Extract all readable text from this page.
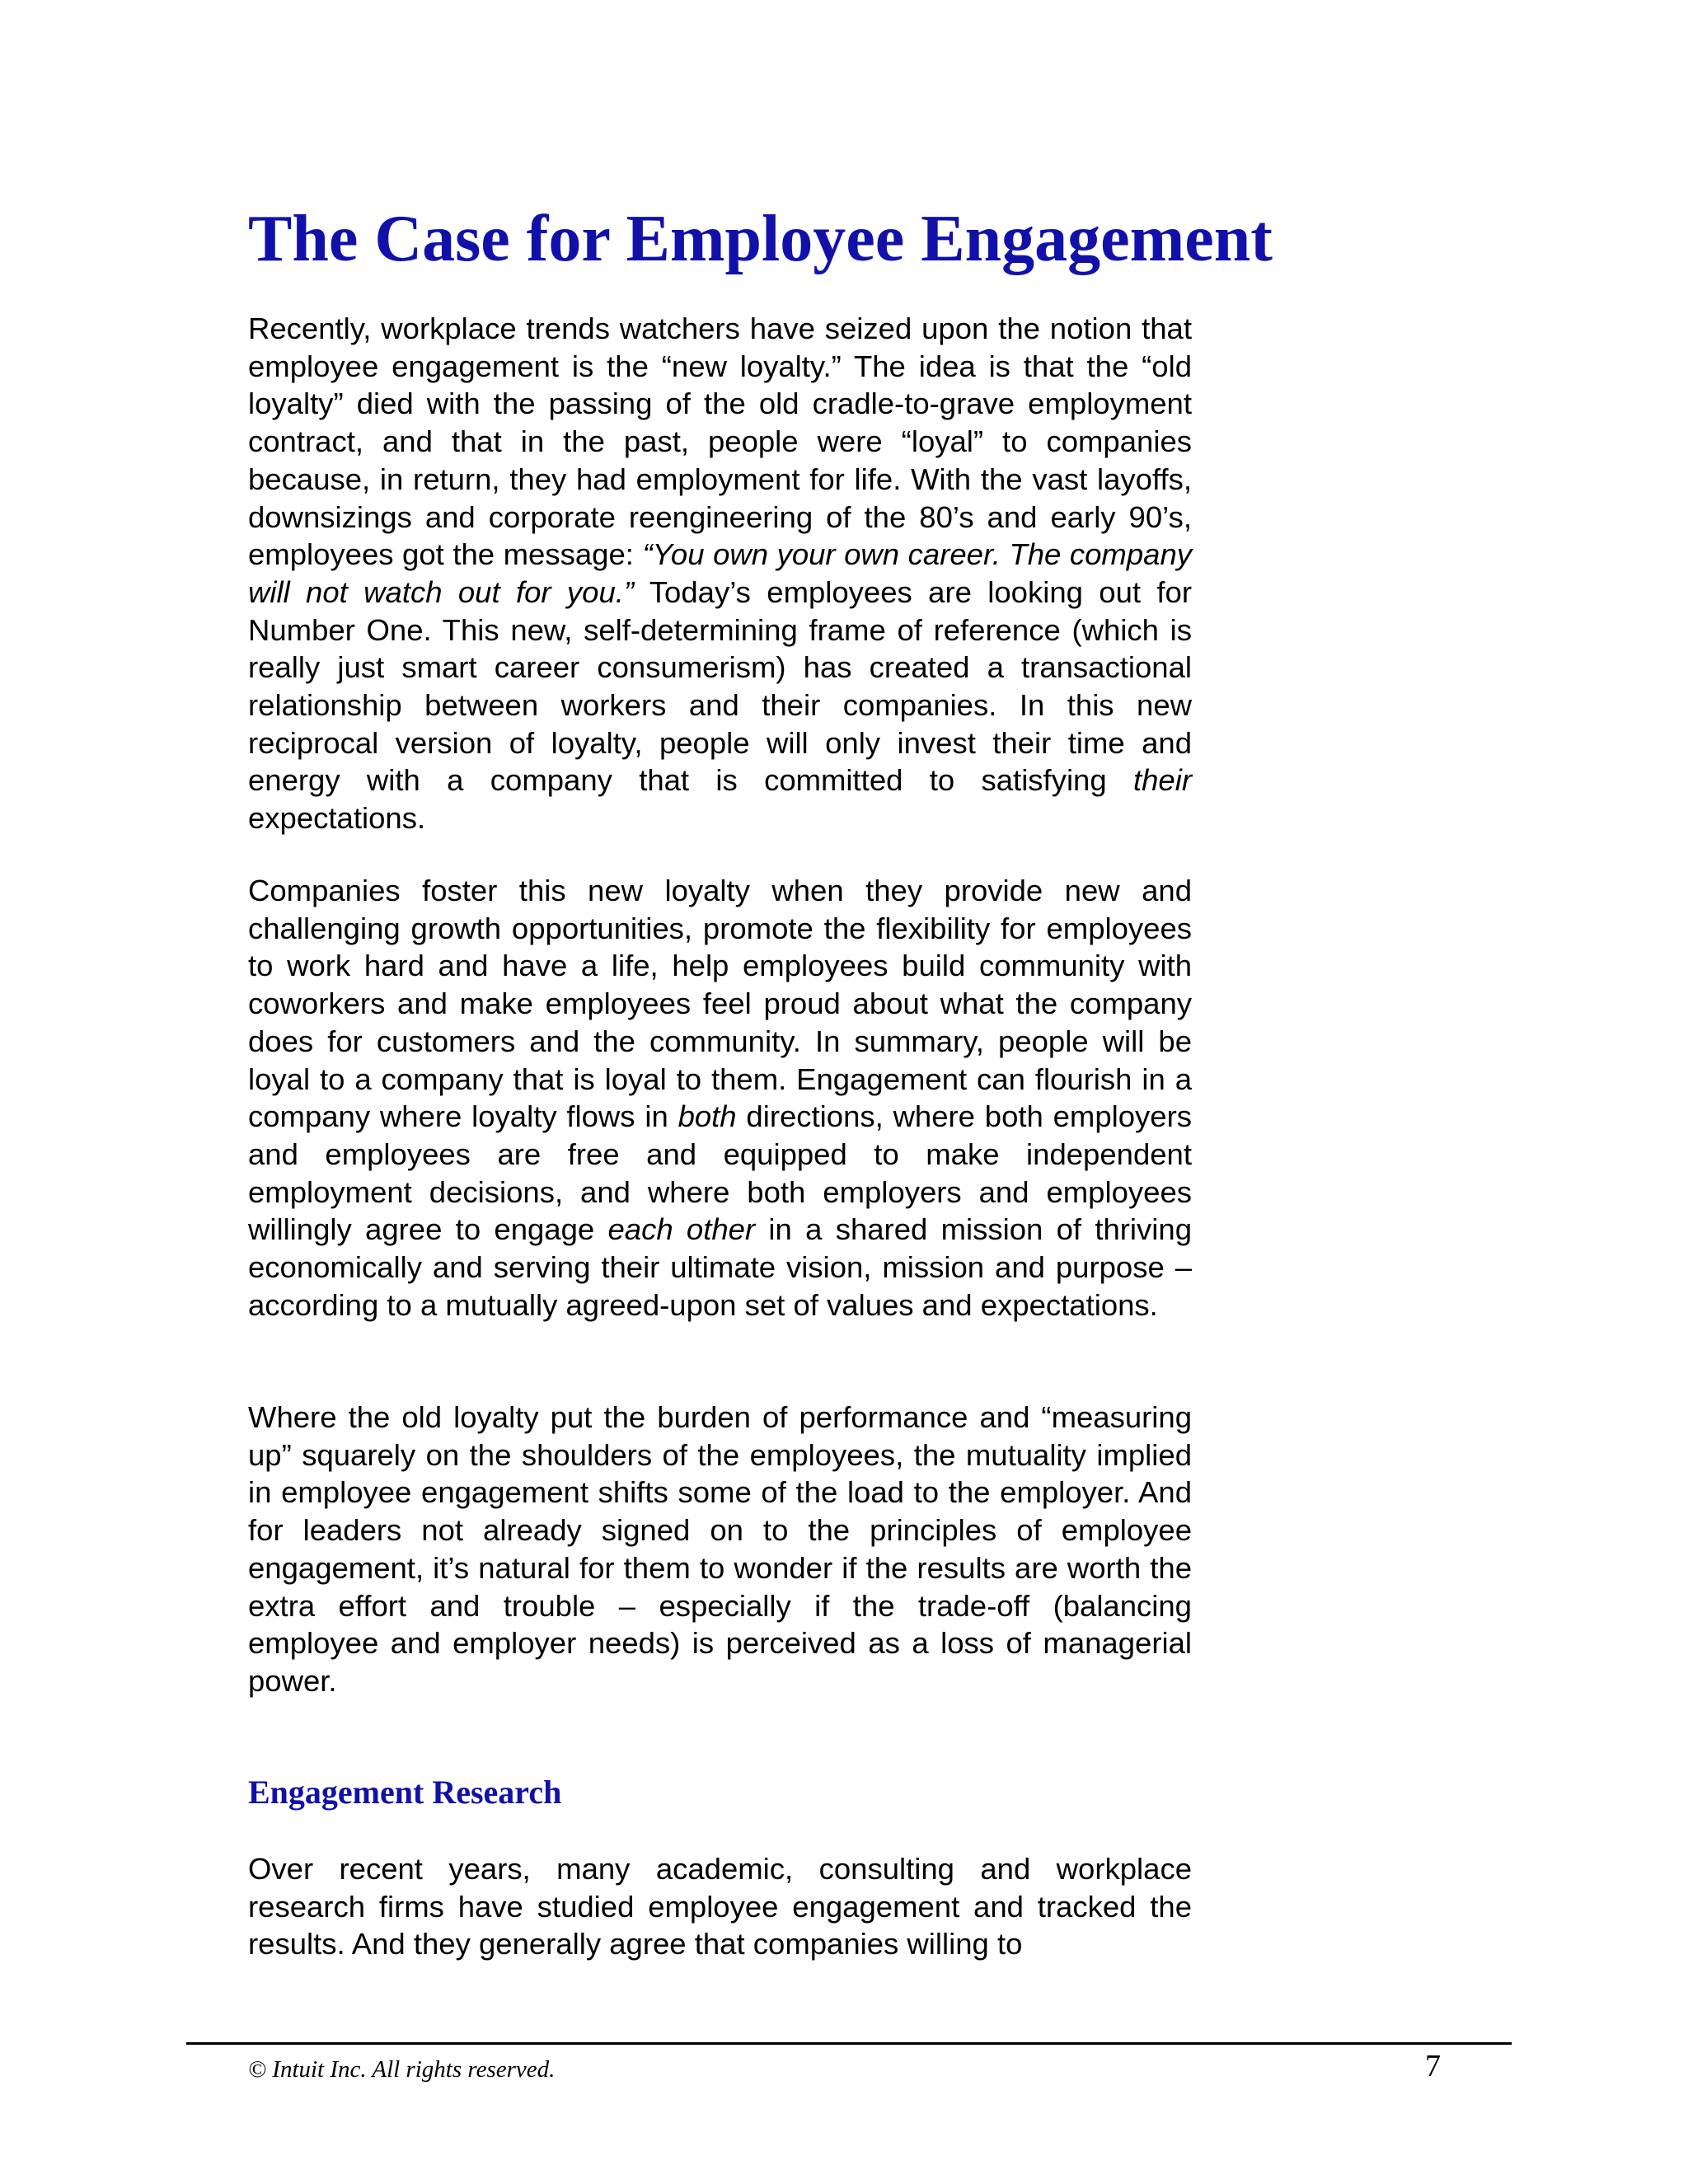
The Case for Employee Engagement

Recently, workplace trends watchers have seized upon the notion that employee engagement is the “new loyalty.” The idea is that the “old loyalty” died with the passing of the old cradle-to-grave employment contract, and that in the past, people were “loyal” to companies because, in return, they had employment for life. With the vast layoffs, downsizings and corporate reengineering of the 80’s and early 90’s, employees got the message: “You own your own career. The company will not watch out for you.” Today’s employees are looking out for Number One. This new, self-determining frame of reference (which is really just smart career consumerism) has created a transactional relationship between workers and their companies. In this new reciprocal version of loyalty, people will only invest their time and energy with a company that is committed to satisfying their expectations.

Companies foster this new loyalty when they provide new and challenging growth opportunities, promote the flexibility for employees to work hard and have a life, help employees build community with coworkers and make employees feel proud about what the company does for customers and the community. In summary, people will be loyal to a company that is loyal to them. Engagement can flourish in a company where loyalty flows in both directions, where both employers and employees are free and equipped to make independent employment decisions, and where both employers and employees willingly agree to engage each other in a shared mission of thriving economically and serving their ultimate vision, mission and purpose – according to a mutually agreed-upon set of values and expectations.

Where the old loyalty put the burden of performance and “measuring up” squarely on the shoulders of the employees, the mutuality implied in employee engagement shifts some of the load to the employer. And for leaders not already signed on to the principles of employee engagement, it’s natural for them to wonder if the results are worth the extra effort and trouble – especially if the trade-off (balancing employee and employer needs) is perceived as a loss of managerial power.

Engagement Research

Over recent years, many academic, consulting and workplace research firms have studied employee engagement and tracked the results. And they generally agree that companies willing to

© Intuit Inc. All rights reserved.	7
